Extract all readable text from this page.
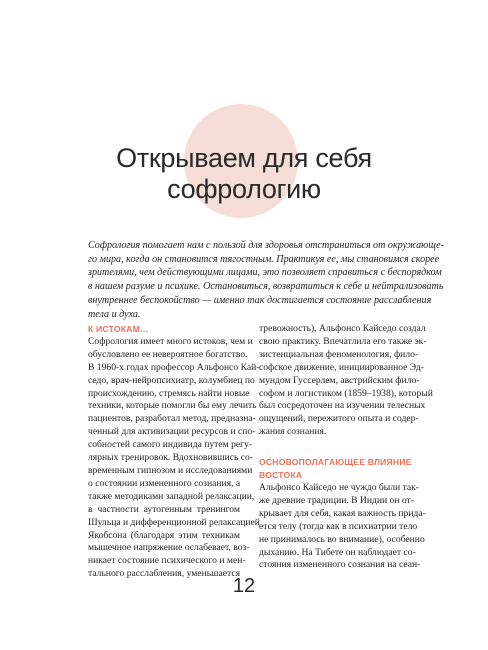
Открываем для себя
софрологию
Софрология помогает нам с пользой для здоровья отстраниться от окружающе-
го мира, когда он становится тягостным. Практикуя ее, мы становимся скорее
зрителями, чем действующими лицами, это позволяет справиться с беспорядком
в нашем разуме и психике. Остановиться, возвратиться к себе и нейтрализовать
внутреннее беспокойство — именно так достигается состояние расслабления
тела и духа.
К ИСТОКАМ…
Софрология имеет много истоков, чем и
обусловлено ее невероятное богатство.
В 1960-х годах профессор Альфонсо Кай-
седо, врач-нейропсихиатр, колумбиец по
происхождению, стремясь найти новые
техники, которые помогли бы ему лечить
пациентов, разработал метод, предназна-
ченный для активизации ресурсов и спо-
собностей самого индивида путем регу-
лярных тренировок. Вдохновившись со-
временным гипнозом и исследованиями
о состоянии измененного сознания, а
также методиками западной релаксации,
в частности аутогенным тренингом
Шульца и дифференционной релаксацией
Якобсона (благодаря этим техникам
мышечное напряжение ослабевает, воз-
никает состояние психического и мен-
тального расслабления, уменьшается
тревожность), Альфонсо Кайседо создал
свою практику. Впечатлила его также эк-
зистенциальная феноменология, фило-
софское движение, инициированное Эд-
мундом Гуссерлем, австрийским фило-
софом и логистиком (1859–1938), который
был сосредоточен на изучении телесных
ощущений, пережитого опыта и содер-
жания сознания.
ОСНОВОПОЛАГАЮЩЕЕ ВЛИЯНИЕ
ВОСТОКА
Альфонсо Кайседо не чуждо были так-
же древние традиции. В Индии он от-
крывает для себя, какая важность прида-
ется телу (тогда как в психиатрии тело
не принималось во внимание), особенно
дыханию. На Тибете он наблюдает со-
стояния измененного сознания на сеан-
12
